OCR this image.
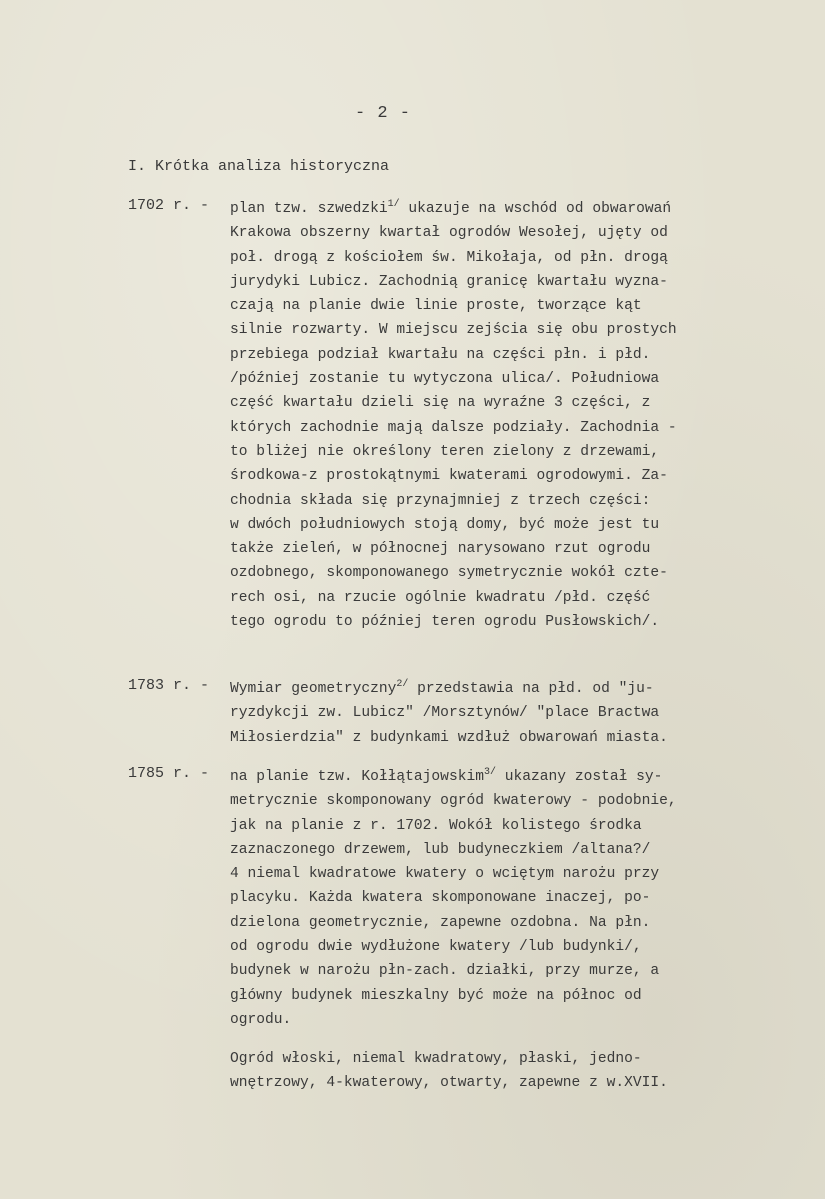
- 2 -
I. Krótka analiza historyczna
1702 r. -	plan tzw. szwedzki$^{1/}$ ukazuje na wschód od obwarowań
Krakowa obszerny kwartał ogrodów Wesołej, ujęty od
poł. drogą z kościołem św. Mikołaja, od płn. drogą
jurydyki Lubicz. Zachodnią granicę kwartału wyzna-
czają na planie dwie linie proste, tworzące kąt
silnie rozwarty. W miejscu zejścia się obu prostych
przebiega podział kwartału na części płn. i płd.
/później zostanie tu wytyczona ulica/. Południowa
część kwartału dzieli się na wyraźne 3 części, z
których zachodnie mają dalsze podziały. Zachodnia -
to bliżej nie określony teren zielony z drzewami,
środkowa-z prostokątnymi kwaterami ogrodowymi. Za-
chodnia składa się przynajmniej z trzech części:
w dwóch południowych stoją domy, być może jest tu
także zieleń, w północnej narysowano rzut ogrodu
ozdobnego, skomponowanego symetrycznie wokół czte-
rech osi, na rzucie ogólnie kwadratu /płd. część
tego ogrodu to później teren ogrodu Pusłowskich/.
1783 r. -	Wymiar geometryczny$^{2/}$ przedstawia na płd. od "ju-
ryzdykcji zw. Lubicz" /Morsztynów/ "place Bractwa
Miłosierdzia" z budynkami wzdłuż obwarowań miasta.
1785 r. -	na planie tzw. Kołłątajowskim$^{3/}$ ukazany został sy-
metrycznie skomponowany ogród kwaterowy - podobnie,
jak na planie z r. 1702. Wokół kolistego środka
zaznaczonego drzewem, lub budyneczkiem /altana?/
4 niemal kwadratowe kwatery o wciętym narożu przy
placyku. Każda kwatera skomponowane inaczej, po-
dzielona geometrycznie, zapewne ozdobna. Na płn.
od ogrodu dwie wydłużone kwatery /lub budynki/,
budynek w narożu płn-zach. działki, przy murze, a
główny budynek mieszkalny być może na północ od
ogrodu.
Ogród włoski, niemal kwadratowy, płaski, jedno-
wnętrzowy, 4-kwaterowy, otwarty, zapewne z w.XVII.
